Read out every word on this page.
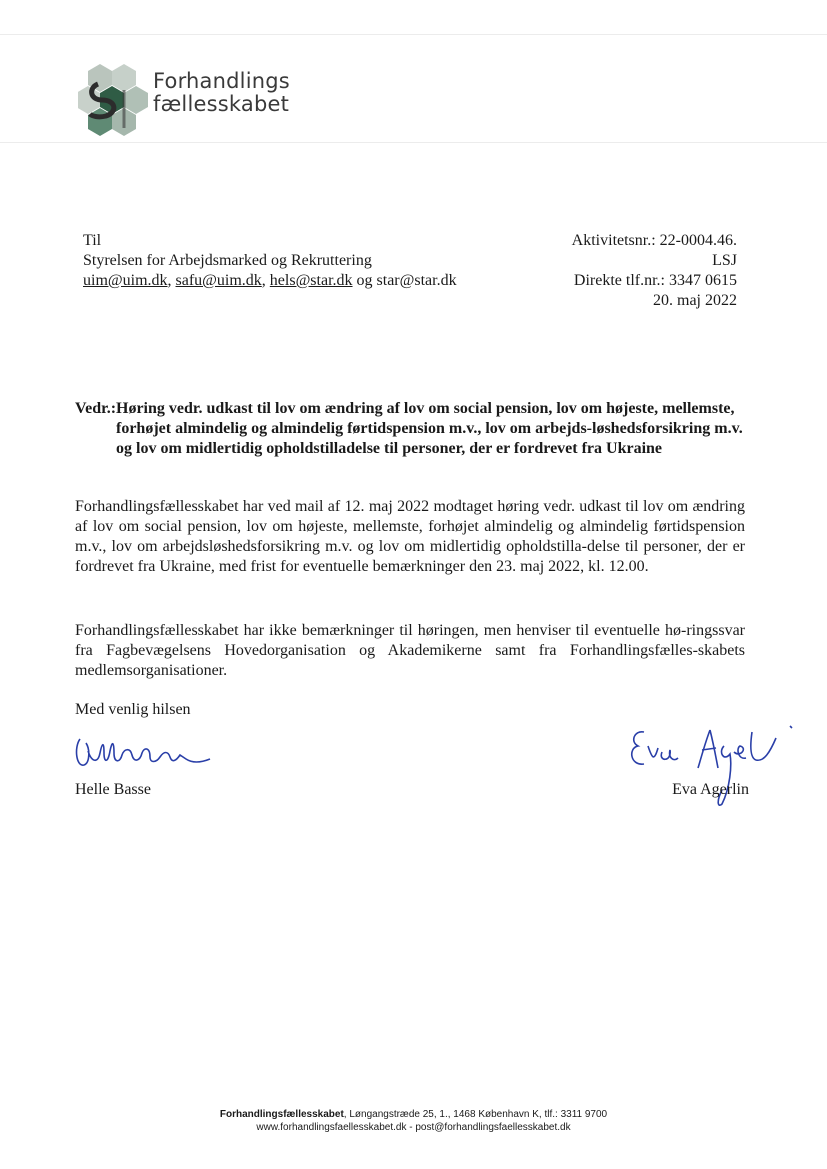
Forhandlings
fællesskabet
Til
Styrelsen for Arbejdsmarked og Rekruttering
uim@uim.dk, safu@uim.dk, hels@star.dk og star@star.dk
Aktivitetsnr.: 22-0004.46.
LSJ
Direkte tlf.nr.: 3347 0615
20. maj 2022
Vedr.: Høring vedr. udkast til lov om ændring af lov om social pension, lov om højeste, mellemste, forhøjet almindelig og almindelig førtidspension m.v., lov om arbejds-løshedsforsikring m.v. og lov om midlertidig opholdstilladelse til personer, der er fordrevet fra Ukraine
Forhandlingsfællesskabet har ved mail af 12. maj 2022 modtaget høring vedr. udkast til lov om ændring af lov om social pension, lov om højeste, mellemste, forhøjet almindelig og almindelig førtidspension m.v., lov om arbejdsløshedsforsikring m.v. og lov om midlertidig opholdstilla-delse til personer, der er fordrevet fra Ukraine, med frist for eventuelle bemærkninger den 23. maj 2022, kl. 12.00.
Forhandlingsfællesskabet har ikke bemærkninger til høringen, men henviser til eventuelle hø-ringssvar fra Fagbevægelsens Hovedorganisation og Akademikerne samt fra Forhandlingsfælles-skabets medlemsorganisationer.
Med venlig hilsen
Helle Basse	Eva Agerlin
Forhandlingsfællesskabet, Løngangstræde 25, 1., 1468 København K, tlf.: 3311 9700
www.forhandlingsfaellesskabet.dk - post@forhandlingsfaellesskabet.dk
